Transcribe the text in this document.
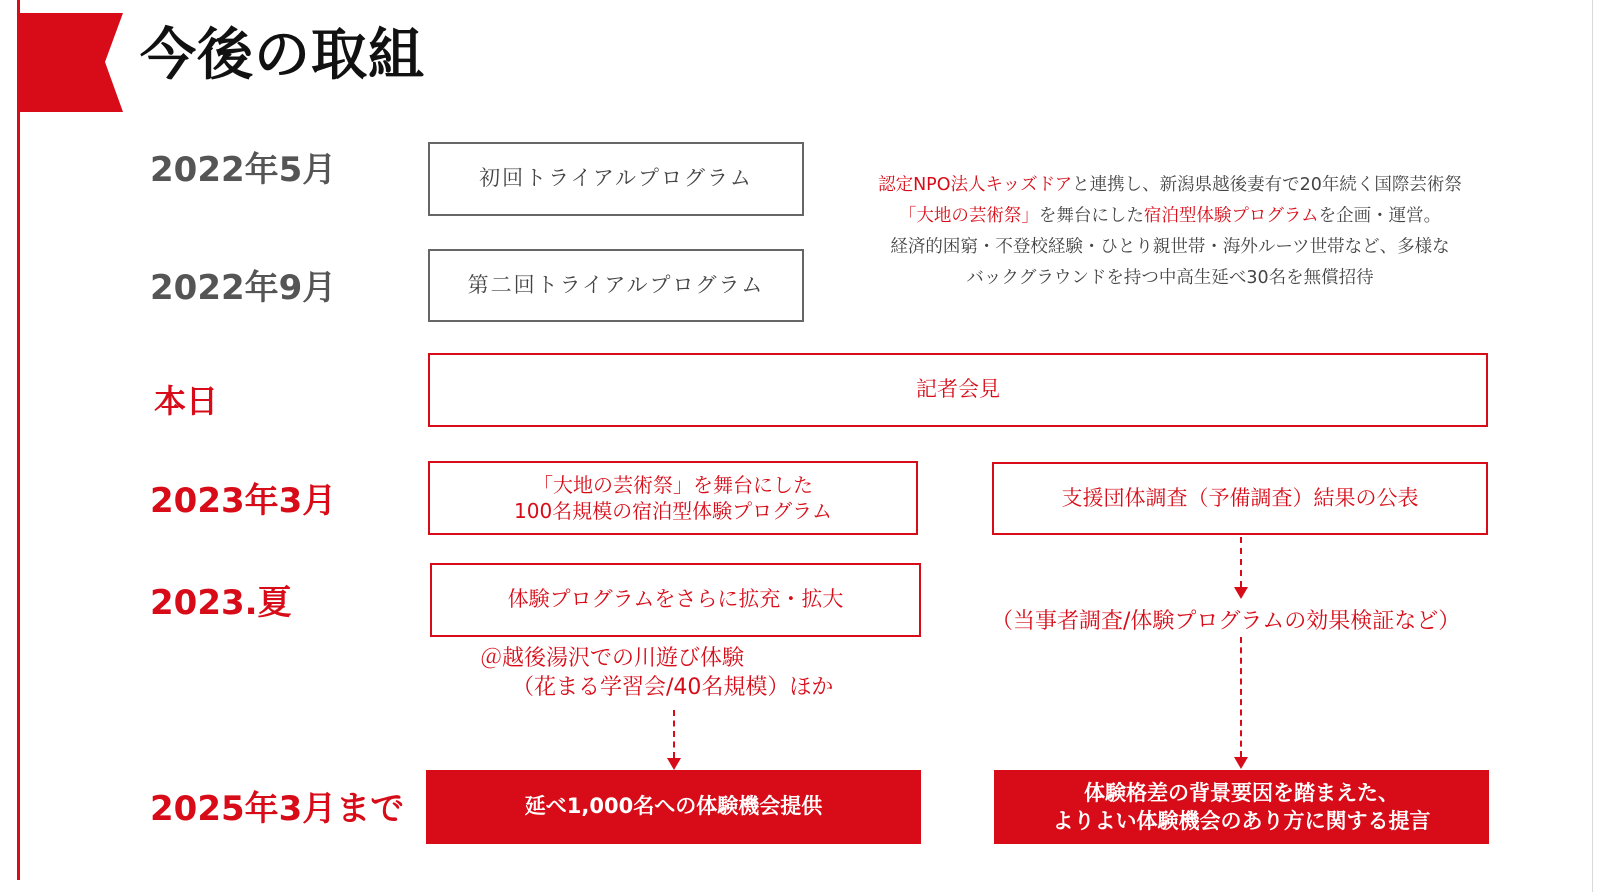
今後の取組
2022年5月
2022年9月
本日
2023年3月
2023.夏
2025年3月まで
初回トライアルプログラム
第二回トライアルプログラム
認定NPO法人キッズドアと連携し、新潟県越後妻有で20年続く国際芸術祭
「大地の芸術祭」を舞台にした宿泊型体験プログラムを企画・運営。
経済的困窮・不登校経験・ひとり親世帯・海外ルーツ世帯など、多様な
バックグラウンドを持つ中高生延べ30名を無償招待
記者会見
「大地の芸術祭」を舞台にした
100名規模の宿泊型体験プログラム
支援団体調査（予備調査）結果の公表
体験プログラムをさらに拡充・拡大
＠越後湯沢での川遊び体験
（花まる学習会/40名規模）ほか
（当事者調査/体験プログラムの効果検証など）
延べ1,000名への体験機会提供
体験格差の背景要因を踏まえた、
よりよい体験機会のあり方に関する提言
